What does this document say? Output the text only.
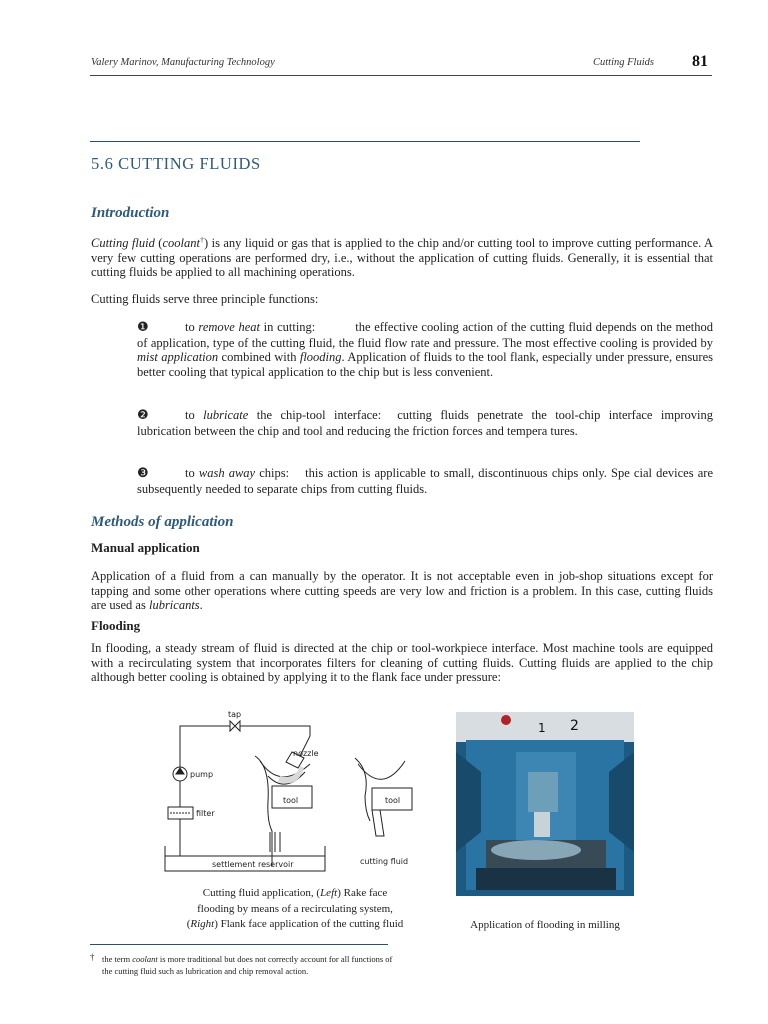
Valery Marinov, Manufacturing Technology	Cutting Fluids 81
5.6 CUTTING FLUIDS
Introduction
Cutting fluid (coolant†) is any liquid or gas that is applied to the chip and/or cutting tool to improve cutting performance. A very few cutting operations are performed dry, i.e., without the application of cutting fluids. Generally, it is essential that cutting fluids be applied to all machining operations.
Cutting fluids serve three principle functions:
❶	to remove heat in cutting:	the effective cooling action of the cutting fluid depends on the method of application, type of the cutting fluid, the fluid flow rate and pressure. The most effective cooling is provided by mist application combined with flooding. Application of fluids to the tool flank, especially under pressure, ensures better cooling that typical application to the chip but is less convenient.
❷	to lubricate the chip-tool interface: cutting fluids penetrate the tool-chip interface improving lubrication between the chip and tool and reducing the friction forces and tempera tures.
❸	to wash away chips: this action is applicable to small, discontinuous chips only. Spe cial devices are subsequently needed to separate chips from cutting fluids.
Methods of application
Manual application
Application of a fluid from a can manually by the operator. It is not acceptable even in job-shop situations except for tapping and some other operations where cutting speeds are very low and friction is a problem. In this case, cutting fluids are used as lubricants.
Flooding
In flooding, a steady stream of fluid is directed at the chip or tool-workpiece interface. Most machine tools are equipped with a recirculating system that incorporates filters for cleaning of cutting fluids. Cutting fluids are applied to the chip although better cooling is obtained by applying it to the flank face under pressure:
tap
nozzle
pump
filter
tool	tool
settlement reservoir	cutting fluid
Cutting fluid application, (Left) Rake face
flooding by means of a recirculating system,
(Right) Flank face application of the cutting fluid
1 2
Application of flooding in milling
† the term coolant is more traditional but does not correctly account for all functions of the cutting fluid such as lubrication and chip removal action.
